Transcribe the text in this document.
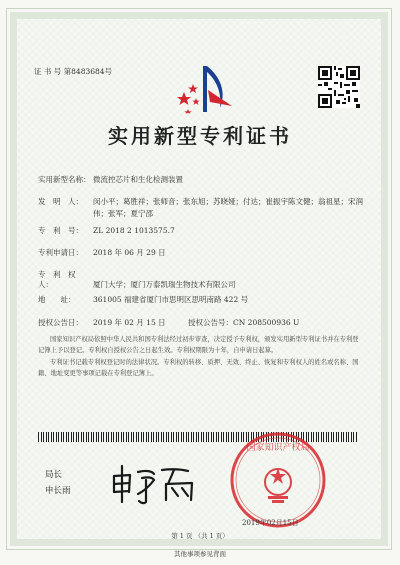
证 书 号 第8483684号
实用新型专利证书
实用新型名称： 微流控芯片和生化检测装置
发　明　人：	闵小平；葛胜祥；张师音；张东旭；苏晓娅；付达；崔振宇陈文健；翁祖星；宋润伟；张军；夏宁邵
专　利　号： ZL 2018 2 1013575.7
专利申请日： 2018 年 06 月 29 日
专　利　权　人：	厦门大学；厦门万泰凯瑞生物技术有限公司
地　　址： 361005 福建省厦门市思明区思明南路 422 号
授权公告日： 2019 年 02 月 15 日	授权公告号：CN 208500936 U

国家知识产权局依照中华人民共和国专利法经过初步审查，决定授予专利权，颁发实用新型专利证书并在专利登记簿上予以登记。专利权自授权公告之日起生效。专利权期限为十年，自申请日起算。

专利证书记载专利权登记时的法律状况。专利权的转移、质押、无效、终止、恢复和专利权人的姓名或名称、国籍、地址变更等事项记载在专利登记簿上。

局长
申长雨
国家知识产权局
2019年02月15日
第 1 页 （共 1 页）
其他事项参见背面
